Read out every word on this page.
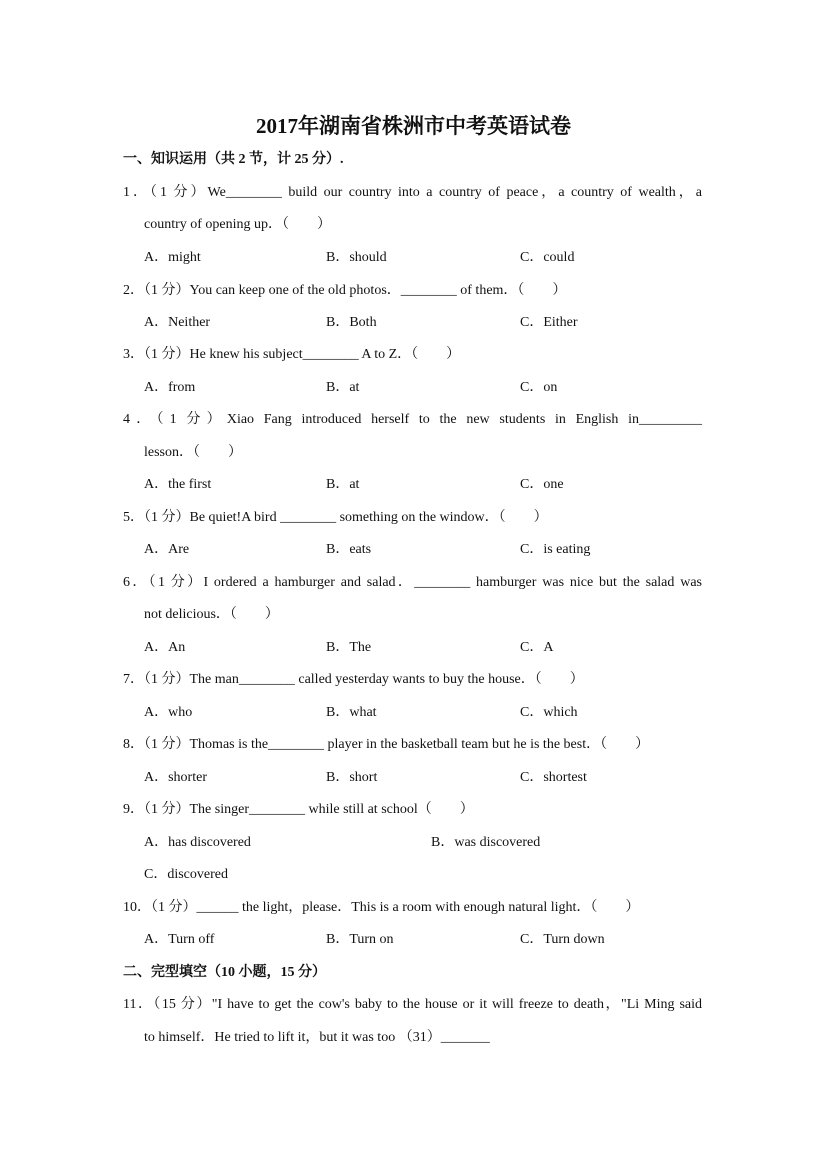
2017年湖南省株洲市中考英语试卷
一、知识运用（共 2 节，计 25 分）.
1．（1 分）We________ build our country into a country of peace，a country of wealth，a
country of opening up．（　　）
A．might	B．should	C．could
2．（1 分）You can keep one of the old photos．________ of them．（　　）
A．Neither	B．Both	C．Either
3．（1 分）He knew his subject________ A to Z．（　　）
A．from	B．at	C．on
4．（1 分）Xiao Fang introduced herself to the new students in English in_________
lesson．（　　）
A．the first	B．at	C．one
5．（1 分）Be quiet!A bird ________ something on the window．（　　）
A．Are	B．eats	C．is eating
6．（1 分）I ordered a hamburger and salad．________ hamburger was nice but the salad was
not delicious．（　　）
A．An	B．The	C．A
7．（1 分）The man________ called yesterday wants to buy the house．（　　）
A．who	B．what	C．which
8．（1 分）Thomas is the________ player in the basketball team but he is the best．（　　）
A．shorter	B．short	C．shortest
9．（1 分）The singer________ while still at school（　　）
A．has discovered	B．was discovered
C．discovered
10．（1 分）______ the light，please．This is a room with enough natural light．（　　）
A．Turn off	B．Turn on	C．Turn down
二、完型填空（10 小题，15 分）
11．（15 分）"I have to get the cow's baby to the house or it will freeze to death，"Li Ming said
to himself．He tried to lift it，but it was too （31）_______
